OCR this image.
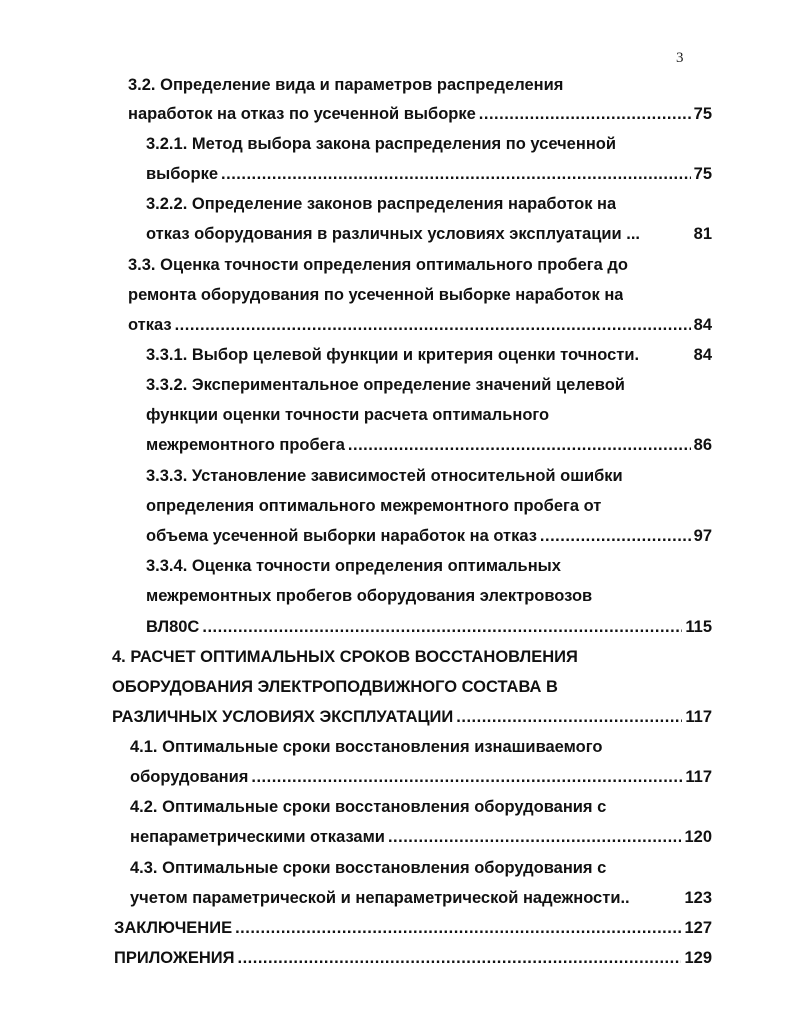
3
3.2. Определение вида и параметров распределения
наработок на отказ по усеченной выборке .....	75
3.2.1. Метод выбора закона распределения по усеченной
выборке .....	75
3.2.2. Определение законов распределения наработок на
отказ оборудования в различных условиях эксплуатации ...	81
3.3. Оценка точности определения оптимального пробега до
ремонта оборудования по усеченной выборке наработок на
отказ .....	84
3.3.1. Выбор целевой функции и критерия оценки точности.	84
3.3.2. Экспериментальное определение значений целевой
функции оценки точности расчета оптимального
межремонтного пробега .....	86
3.3.3. Установление зависимостей относительной ошибки
определения оптимального межремонтного пробега от
объема усеченной выборки наработок на отказ .....	97
3.3.4. Оценка точности определения оптимальных
межремонтных пробегов оборудования электровозов
ВЛ80С .....	115
4. РАСЧЕТ ОПТИМАЛЬНЫХ СРОКОВ ВОССТАНОВЛЕНИЯ
ОБОРУДОВАНИЯ ЭЛЕКТРОПОДВИЖНОГО СОСТАВА В
РАЗЛИЧНЫХ УСЛОВИЯХ ЭКСПЛУАТАЦИИ .....	117
4.1. Оптимальные сроки восстановления изнашиваемого
оборудования .....	117
4.2. Оптимальные сроки восстановления оборудования с
непараметрическими отказами .....	120
4.3. Оптимальные сроки восстановления оборудования с
учетом параметрической и непараметрической надежности..	123
ЗАКЛЮЧЕНИЕ .....	127
ПРИЛОЖЕНИЯ .....	129
